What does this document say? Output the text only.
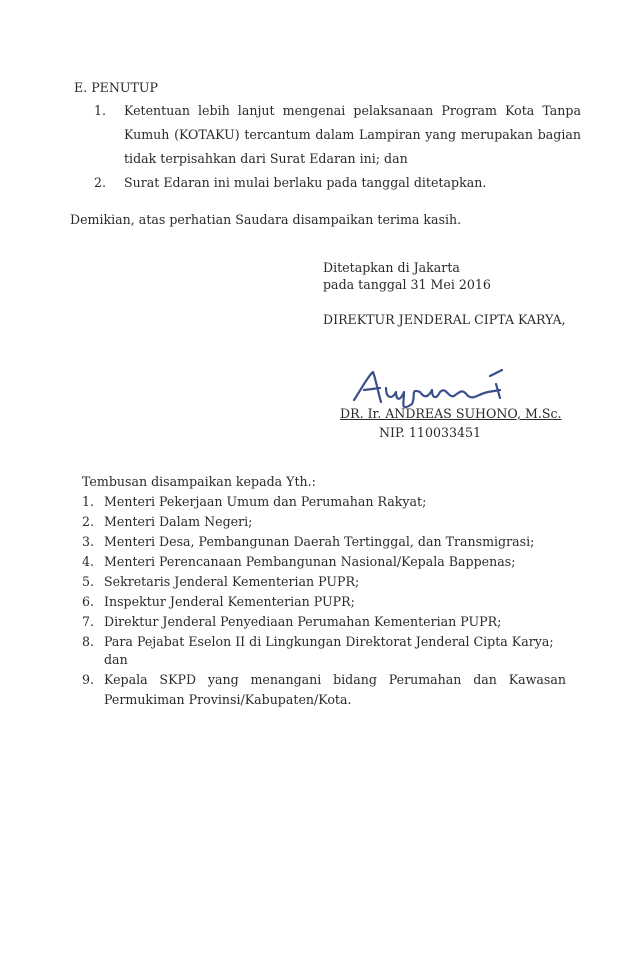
E. PENUTUP
1. Ketentuan lebih lanjut mengenai pelaksanaan Program Kota Tanpa
Kumuh (KOTAKU) tercantum dalam Lampiran yang merupakan bagian
tidak terpisahkan dari Surat Edaran ini; dan
2. Surat Edaran ini mulai berlaku pada tanggal ditetapkan.
Demikian, atas perhatian Saudara disampaikan terima kasih.
Ditetapkan di Jakarta
pada tanggal 31 Mei 2016
DIREKTUR JENDERAL CIPTA KARYA,
DR. Ir. ANDREAS SUHONO, M.Sc.
NIP. 110033451
Tembusan disampaikan kepada Yth.:
1. Menteri Pekerjaan Umum dan Perumahan Rakyat;
2. Menteri Dalam Negeri;
3. Menteri Desa, Pembangunan Daerah Tertinggal, dan Transmigrasi;
4. Menteri Perencanaan Pembangunan Nasional/Kepala Bappenas;
5. Sekretaris Jenderal Kementerian PUPR;
6. Inspektur Jenderal Kementerian PUPR;
7. Direktur Jenderal Penyediaan Perumahan Kementerian PUPR;
8. Para Pejabat Eselon II di Lingkungan Direktorat Jenderal Cipta Karya;
dan
9. Kepala SKPD yang menangani bidang Perumahan dan Kawasan
Permukiman Provinsi/Kabupaten/Kota.
